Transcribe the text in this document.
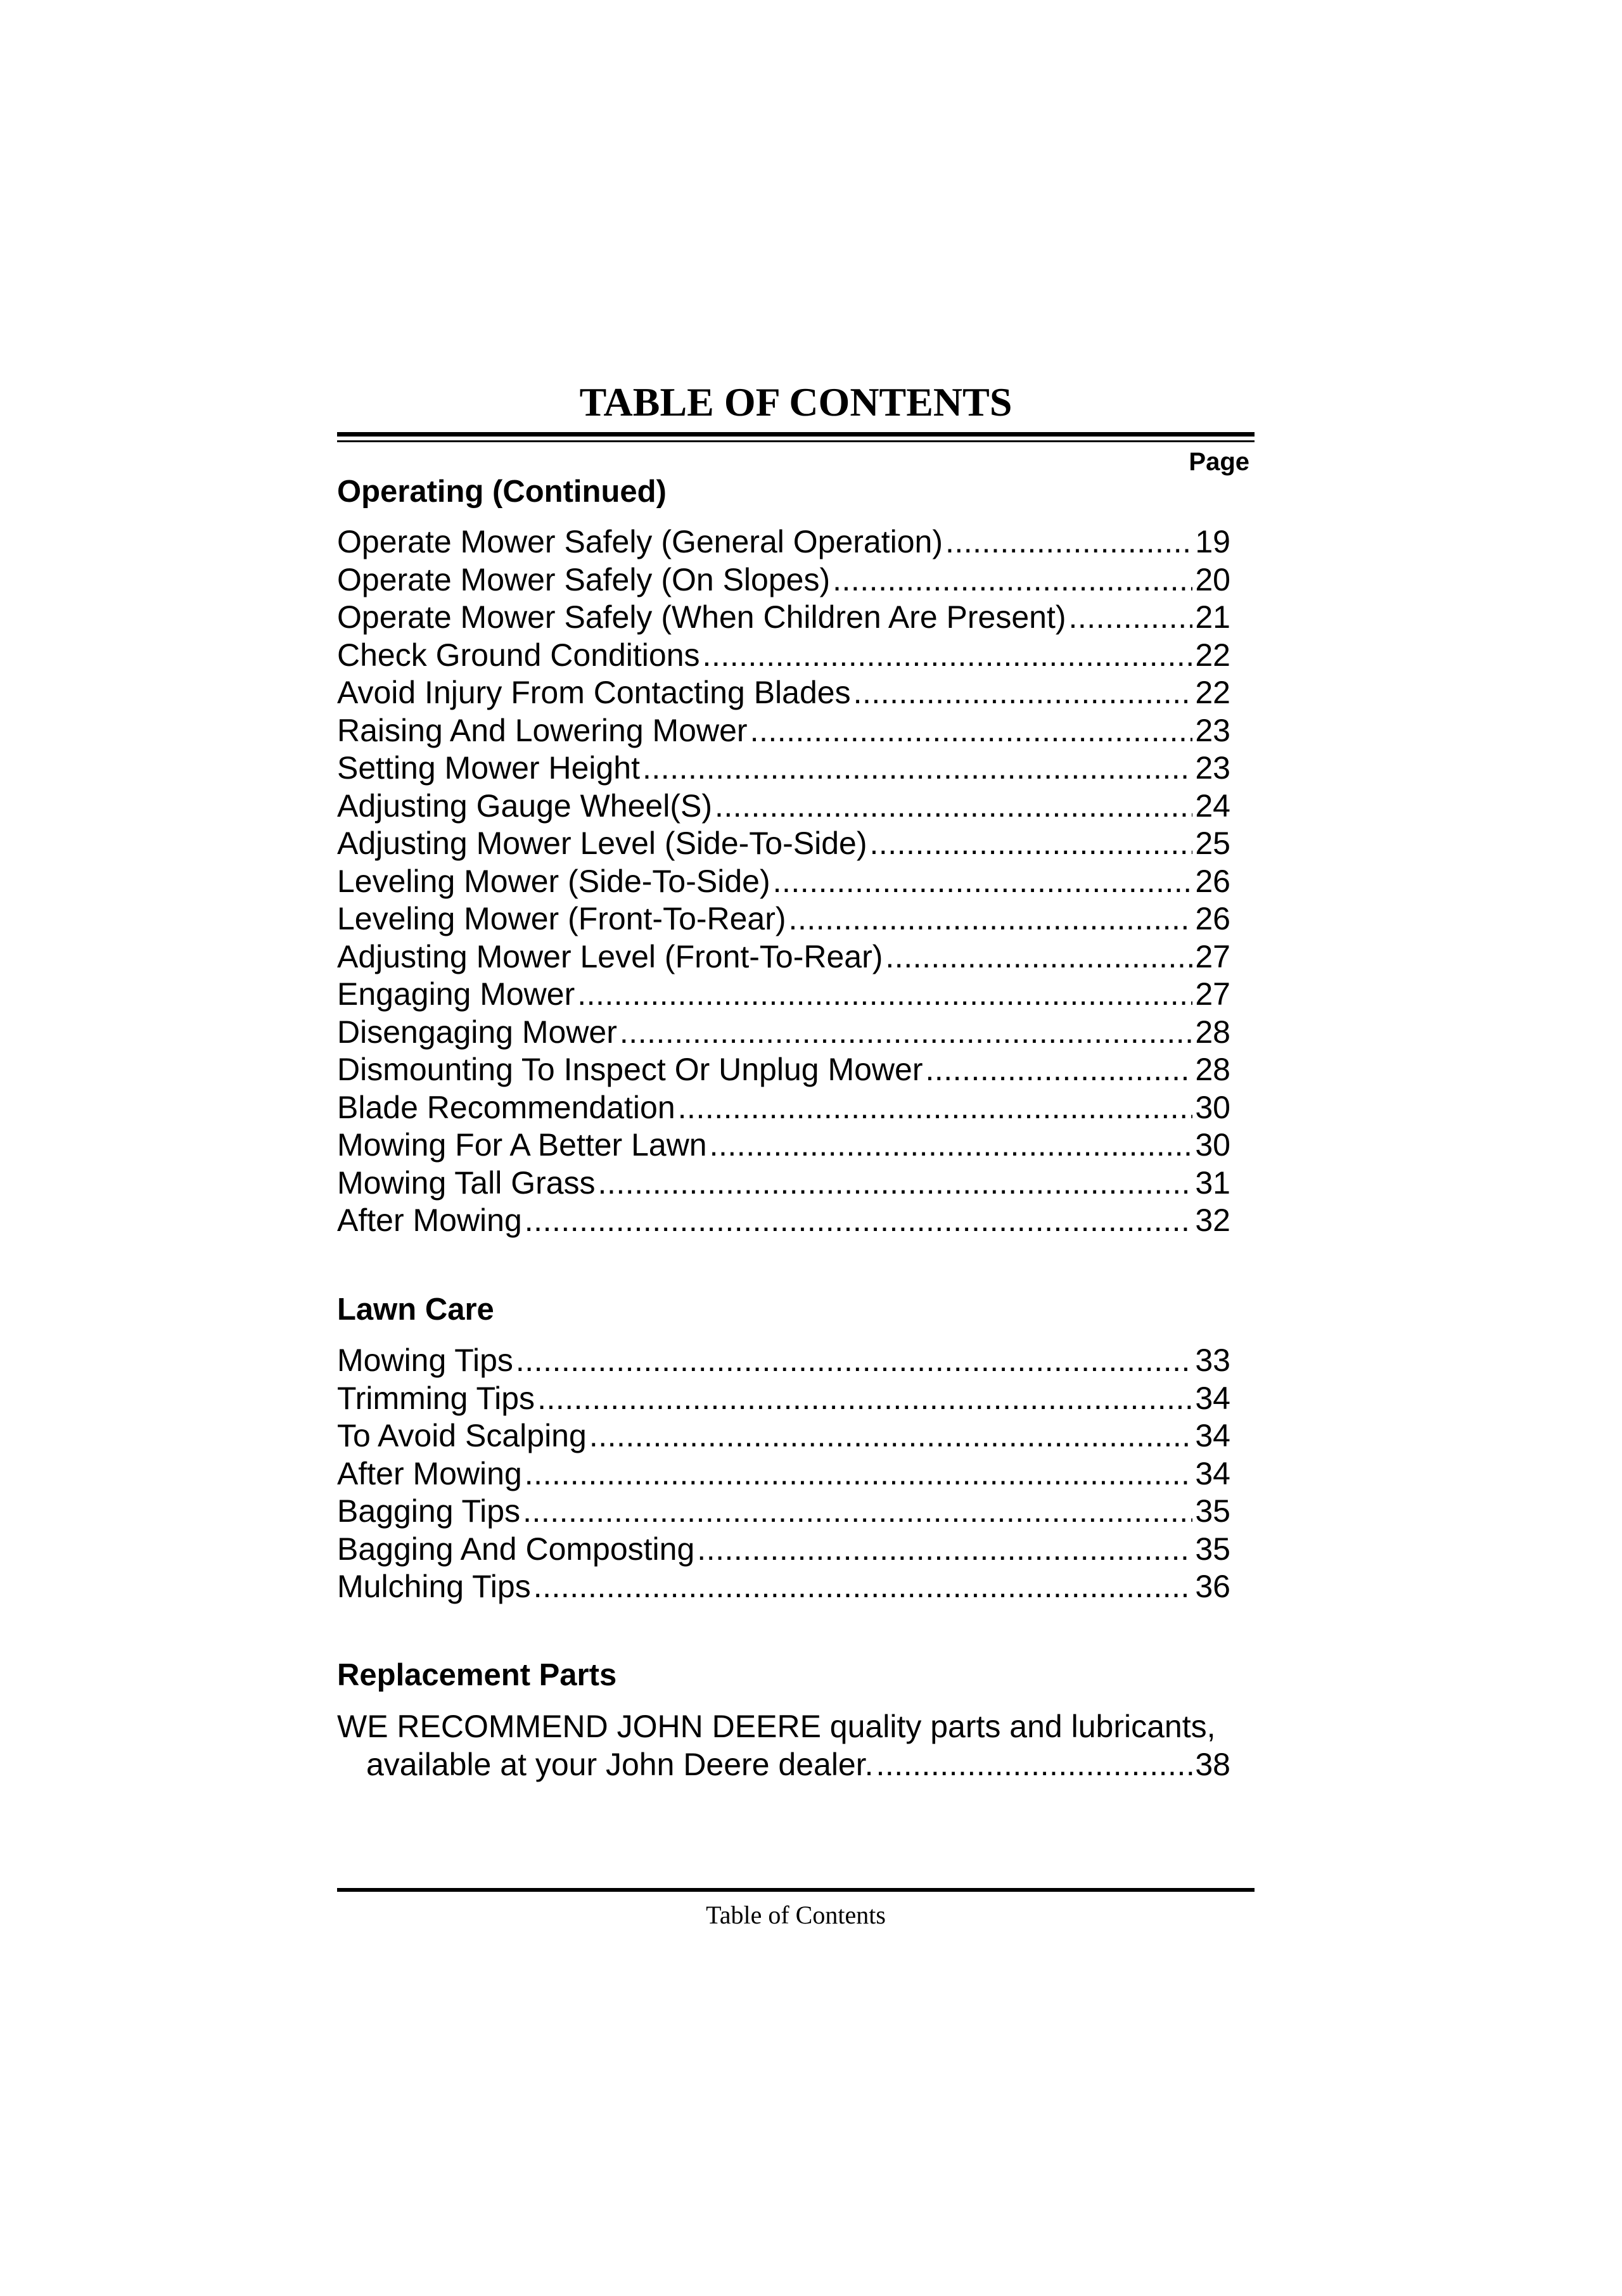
TABLE OF CONTENTS
Page
Operating (Continued)
Operate Mower Safely (General Operation) .....	19
Operate Mower Safely (On Slopes) .....	20
Operate Mower Safely (When Children Are Present) .....	21
Check Ground Conditions .....	22
Avoid Injury From Contacting Blades .....	22
Raising And Lowering Mower .....	23
Setting Mower Height .....	23
Adjusting Gauge Wheel(S) .....	24
Adjusting Mower Level (Side-To-Side) .....	25
Leveling Mower (Side-To-Side) .....	26
Leveling Mower (Front-To-Rear) .....	26
Adjusting Mower Level (Front-To-Rear) .....	27
Engaging Mower .....	27
Disengaging Mower .....	28
Dismounting To Inspect Or Unplug Mower .....	28
Blade Recommendation .....	30
Mowing For A Better Lawn .....	30
Mowing Tall Grass .....	31
After Mowing .....	32
Lawn Care
Mowing Tips .....	33
Trimming Tips .....	34
To Avoid Scalping .....	34
After Mowing .....	34
Bagging Tips .....	35
Bagging And Composting .....	35
Mulching Tips .....	36
Replacement Parts
WE RECOMMEND JOHN DEERE quality parts and lubricants,
available at your John Deere dealer. .....	38
Table of Contents
